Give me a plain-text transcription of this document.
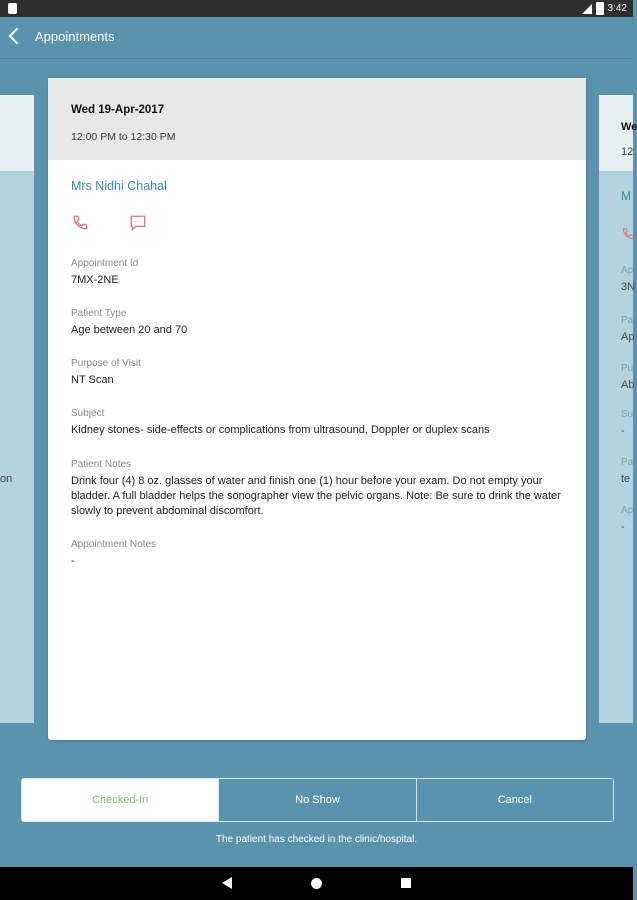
3:42
Appointments
on
We
12
M
Ap
3N
Pa
Ap
Pu
Ab
Su
-
Pa
te
Ap
-
Wed 19-Apr-2017
12:00 PM to 12:30 PM
Mrs Nidhi Chahal
Appointment Id
7MX-2NE
Patient Type
Age between 20 and 70
Purpose of Visit
NT Scan
Subject
Kidney stones- side-effects or complications from ultrasound, Doppler or duplex scans
Patient Notes
Drink four (4) 8 oz. glasses of water and finish one (1) hour before your exam. Do not empty your bladder. A full bladder helps the sonographer view the pelvic organs. Note: Be sure to drink the water slowly to prevent abdominal discomfort.
Appointment Notes
-
Checked-In	No Show	Cancel
The patient has checked in the clinic/hospital.
